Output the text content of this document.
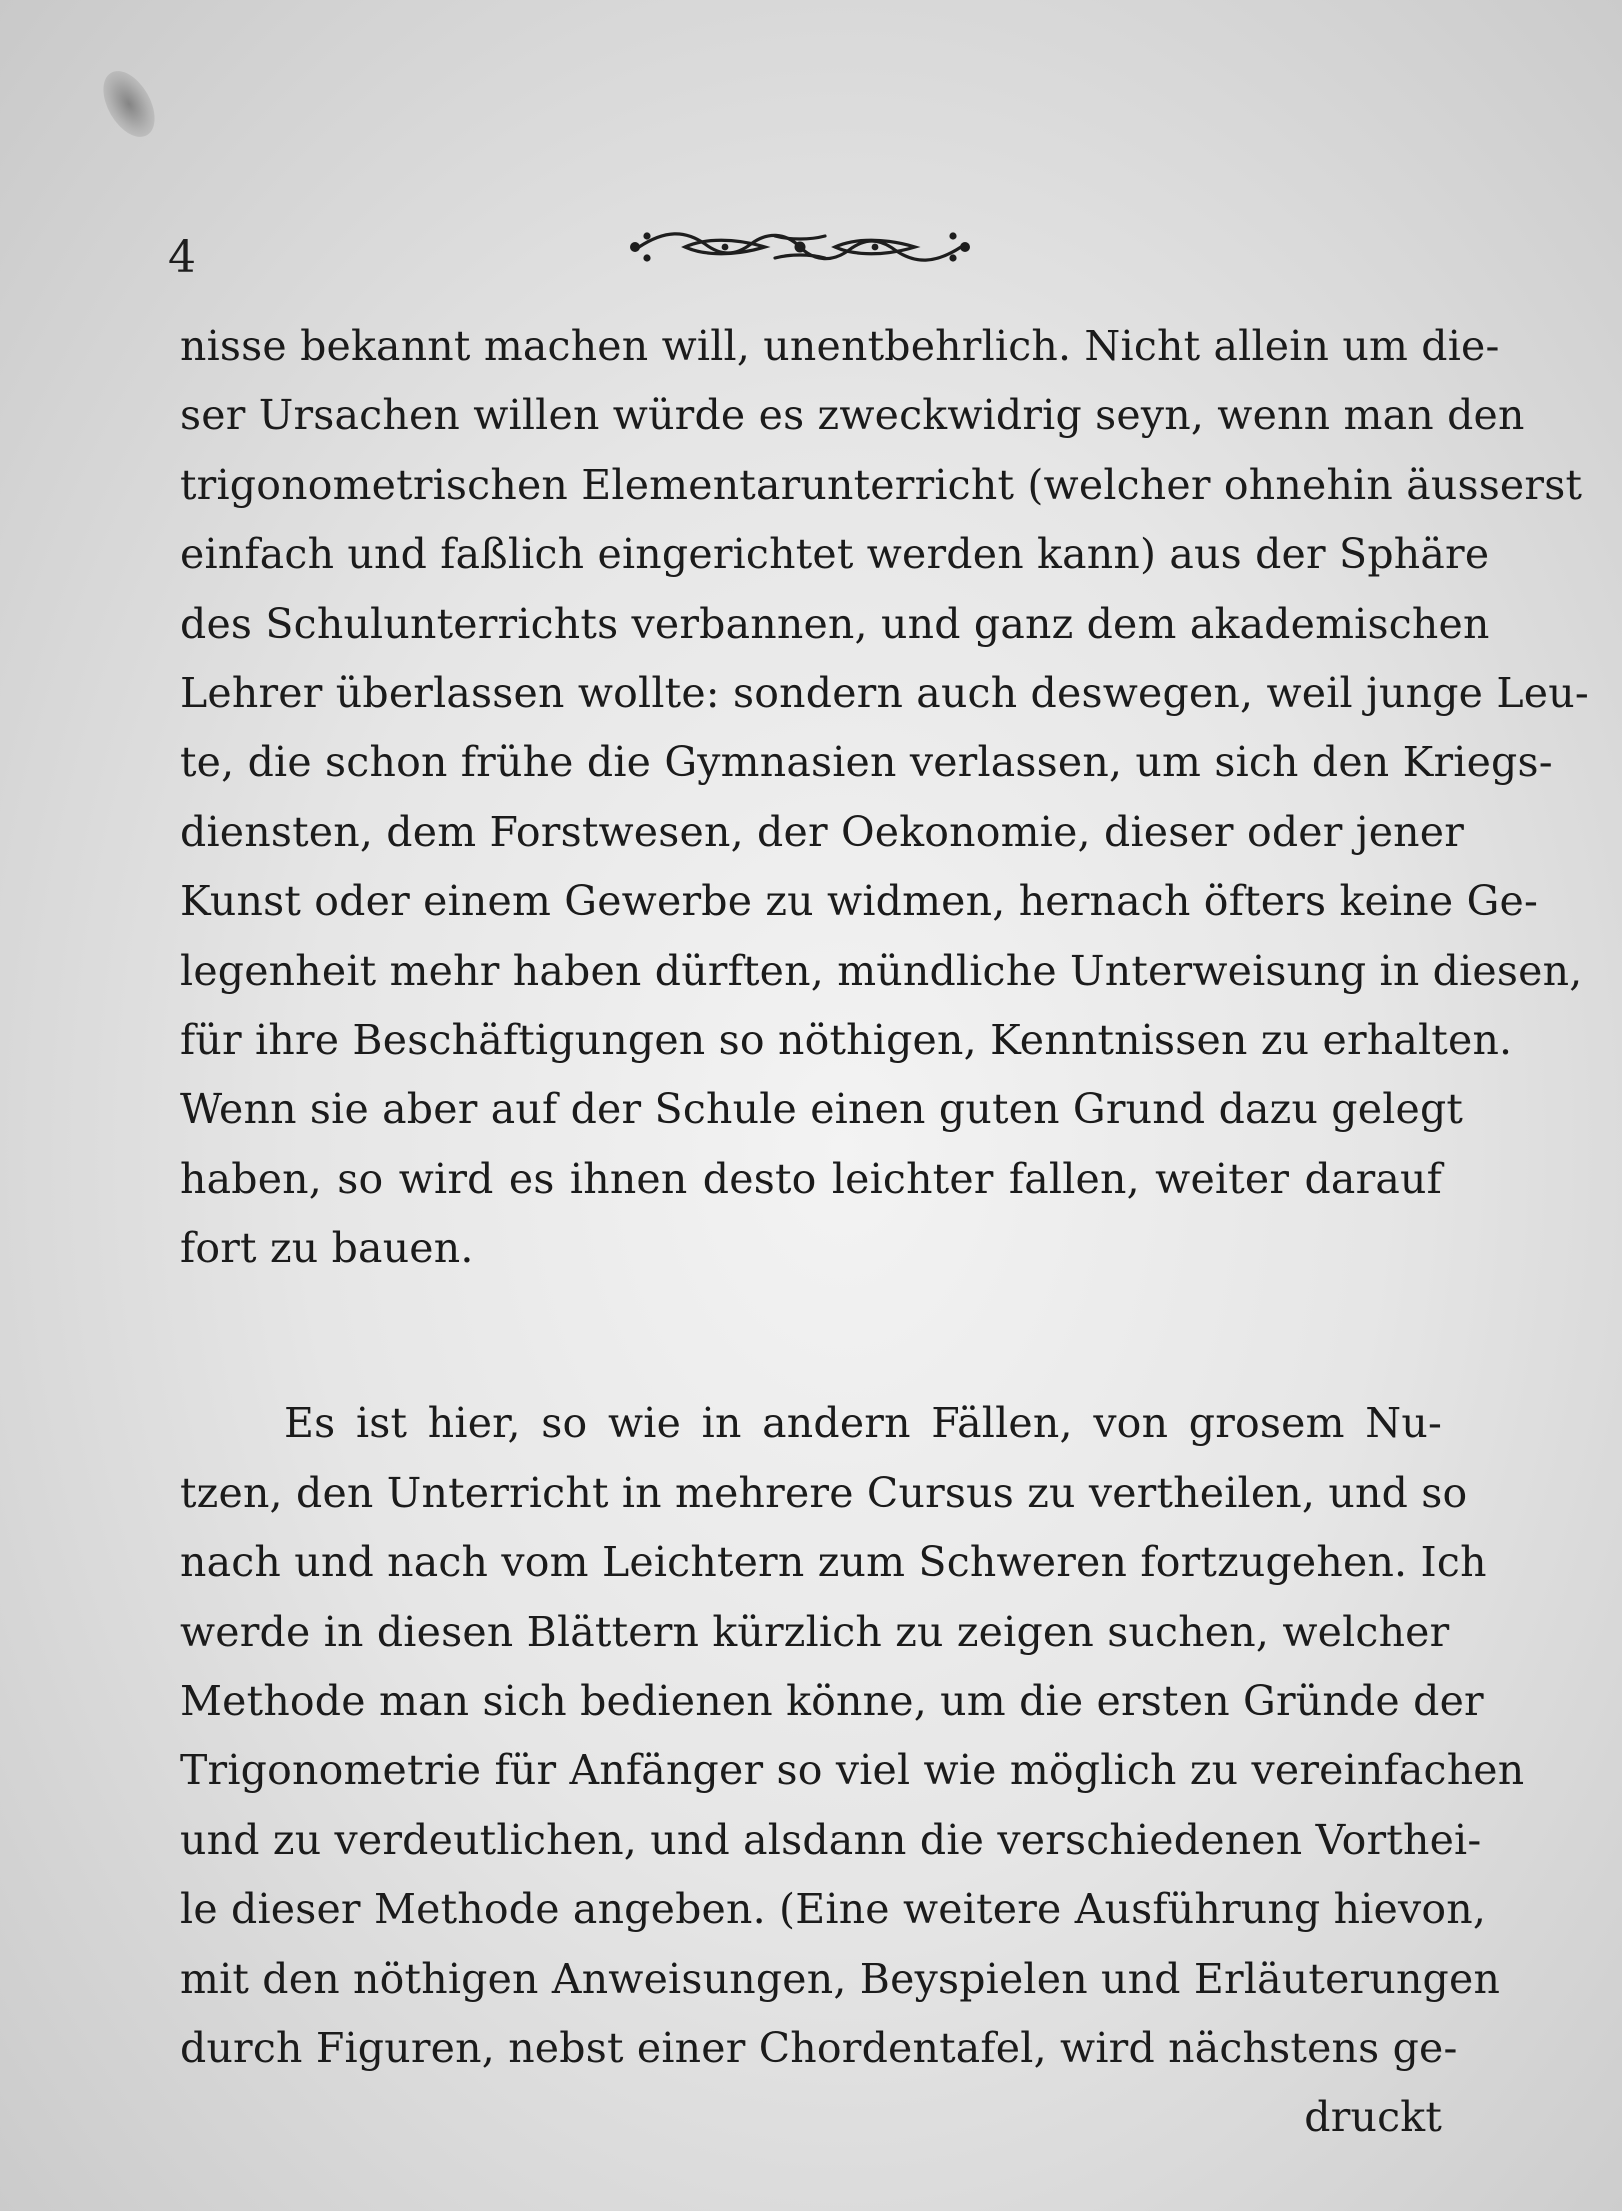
4
nisse bekannt machen will, unentbehrlich. Nicht allein um die-
ser Ursachen willen würde es zweckwidrig seyn, wenn man den
trigonometrischen Elementarunterricht (welcher ohnehin äusserst
einfach und faßlich eingerichtet werden kann) aus der Sphäre
des Schulunterrichts verbannen, und ganz dem akademischen
Lehrer überlassen wollte: sondern auch deswegen, weil junge Leu-
te, die schon frühe die Gymnasien verlassen, um sich den Kriegs-
diensten, dem Forstwesen, der Oekonomie, dieser oder jener
Kunst oder einem Gewerbe zu widmen, hernach öfters keine Ge-
legenheit mehr haben dürften, mündliche Unterweisung in diesen,
für ihre Beschäftigungen so nöthigen, Kenntnissen zu erhalten.
Wenn sie aber auf der Schule einen guten Grund dazu gelegt
haben, so wird es ihnen desto leichter fallen, weiter darauf
fort zu bauen.
Es ist hier, so wie in andern Fällen, von grosem Nu-
tzen, den Unterricht in mehrere Cursus zu vertheilen, und so
nach und nach vom Leichtern zum Schweren fortzugehen. Ich
werde in diesen Blättern kürzlich zu zeigen suchen, welcher
Methode man sich bedienen könne, um die ersten Gründe der
Trigonometrie für Anfänger so viel wie möglich zu vereinfachen
und zu verdeutlichen, und alsdann die verschiedenen Vorthei-
le dieser Methode angeben. (Eine weitere Ausführung hievon,
mit den nöthigen Anweisungen, Beyspielen und Erläuterungen
durch Figuren, nebst einer Chordentafel, wird nächstens ge-
druckt
